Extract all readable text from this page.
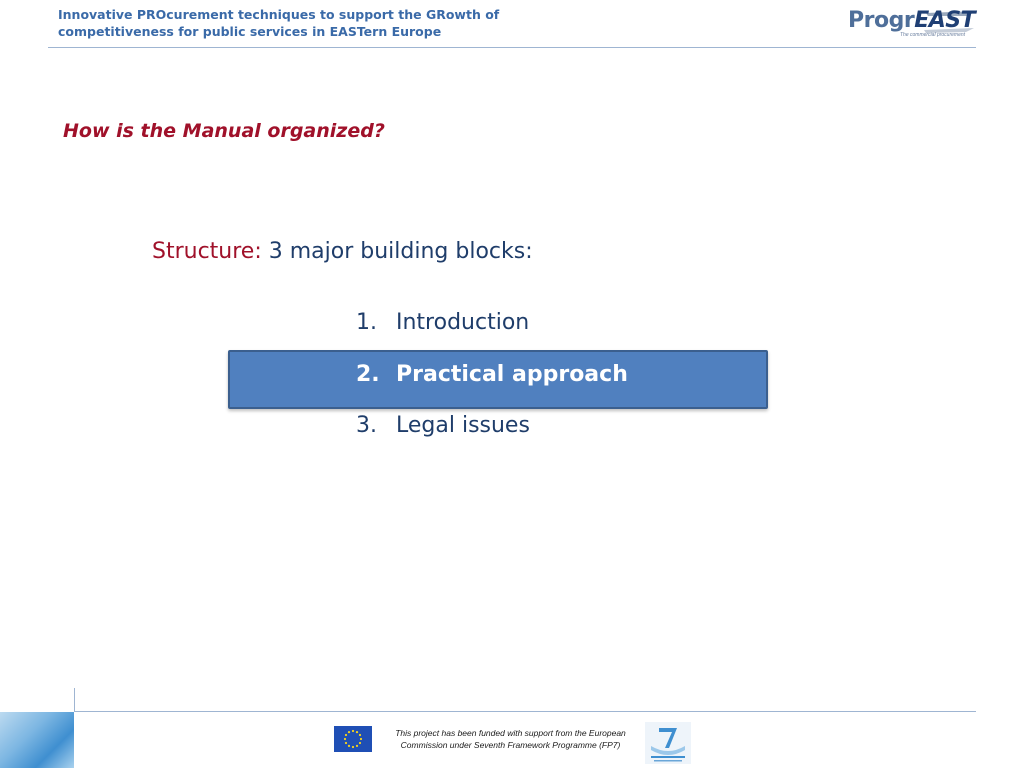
Innovative PROcurement techniques to support the GRowth of
competitiveness for public services in EASTern Europe	ProgrEAST
The commercial procurement
How is the Manual organized?
Structure: 3 major building blocks:
1. Introduction
2. Practical approach
3. Legal issues
This project has been funded with support from the European
Commission under Seventh Framework Programme (FP7)
